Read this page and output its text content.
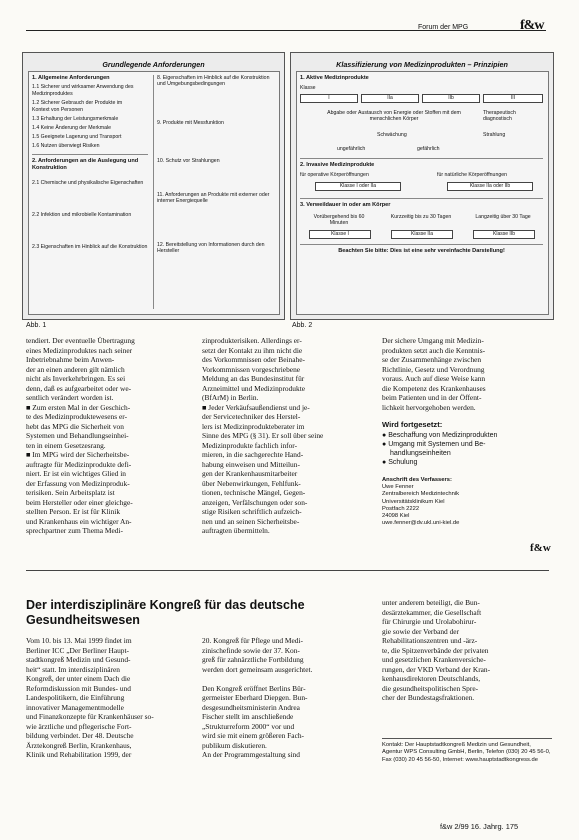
Forum der MPG	f&w
Grundlegende Anforderungen
1. Allgemeine Anforderungen
1.1 Sicherer und wirksamer Anwendung des
Medizinproduktes
1.2 Sicherer Gebrauch der Produkte im
Kontext von Personen
1.3 Erhaltung der Leistungsmerkmale
1.4 Keine Änderung der Merkmale
1.5 Geeignete Lagerung und Transport
1.6 Nutzen überwiegt Risiken
2. Anforderungen an die Auslegung und Konstruktion
2.1 Chemische und physikalische Eigenschaften
2.2 Infektion und mikrobielle Kontamination
2.3 Eigenschaften im Hinblick auf die Konstruktion
8. Eigenschaften im Hinblick auf die Konstruktion und Umgebungsbedingungen
9. Produkte mit Messfunktion
10. Schutz vor Strahlungen
11. Anforderungen an Produkte mit externer oder interner Energiequelle
12. Bereitstellung von Informationen durch den Hersteller
Abb. 1
Klassifizierung von Medizinprodukten – Prinzipien
1. Aktive Medizinprodukte
Klasse
I	IIa	IIb	III
Abgabe oder Austausch von Energie oder Stoffen mit dem menschlichen Körper
Therapeutisch diagnostisch
Schwächung	Strahlung
ungefährlich	gefährlich
2. Invasive Medizinprodukte
für operative Körperöffnungen	für natürliche Körperöffnungen
Klasse I oder IIa	Klasse IIa oder IIb
3. Verweildauer in oder am Körper
Vorübergehend bis 60 Minuten
Kurzzeitig bis zu 30 Tagen	Langzeitig über 30 Tage
Klasse I	Klasse IIa	Klasse IIb
Beachten Sie bitte: Dies ist eine sehr vereinfachte Darstellung!
Abb. 2
tendiert. Der eventuelle Übertragung
eines Medizinproduktes nach seiner
Inbetriebnahme beim Anwen-
der an einen anderen gilt nämlich
nicht als Inverkehrbringen. Es sei
denn, daß es aufgearbeitet oder we-
sentlich verändert worden ist.
■ Zum ersten Mal in der Geschich-
te des Medizinproduktewesens er-
hebt das MPG die Sicherheit von
Systemen und Behandlungseinhei-
ten in einem Gesetzesrang.
■ Im MPG wird der Sicherheitsbe-
auftragte für Medizinprodukte defi-
niert. Er ist ein wichtiges Glied in
der Erfassung von Medizinproduk-
terisiken. Sein Arbeitsplatz ist
beim Hersteller oder einer gleichge-
stellten Person. Er ist für Klinik
und Krankenhaus ein wichtiger An-
sprechpartner zum Thema Medi-
zinprodukterisiken. Allerdings er-
setzt der Kontakt zu ihm nicht die
des Vorkommnissen oder Beinahe-
Vorkommnissen vorgeschriebene
Meldung an das Bundesinstitut für
Arzneimittel und Medizinprodukte
(BfArM) in Berlin.
■ Jeder Verkäufsaußendienst und je-
der Servicetechniker des Herstel-
lers ist Medizinprodukteberater im
Sinne des MPG (§ 31). Er soll über seine
Medizinprodukte fachlich infor-
mieren, in die sachgerechte Hand-
habung einweisen und Mitteilun-
gen der Krankenhausmitarbeiter
über Nebenwirkungen, Fehlfunk-
tionen, technische Mängel, Gegen-
anzeigen, Verfälschungen oder son-
stige Risiken schriftlich aufzeich-
nen und an seinen Sicherheitsbe-
auftragten übermitteln.
Der sichere Umgang mit Medizin-
produkten setzt auch die Kenntnis-
se der Zusammenhänge zwischen
Richtlinie, Gesetz und Verordnung
voraus. Auch auf diese Weise kann
die Kompetenz des Krankenhauses
beim Patienten und in der Öffent-
lichkeit hervorgehoben werden.
Wird fortgesetzt:
● Beschaffung von Medizinprodukten
● Umgang mit Systemen und Be-
handlungseinheiten
● Schulung
Anschrift des Verfassers:
Uwe Fenner
Zentralbereich Medizintechnik
Universitätsklinikum Kiel
Postfach 2222
24098 Kiel
uwe.fenner@dv.ukl.uni-kiel.de
f&w
Der interdisziplinäre Kongreß für das deutsche Gesundheitswesen
Vom 10. bis 13. Mai 1999 findet im
Berliner ICC „Der Berliner Haupt-
stadtkongreß Medizin und Gesund-
heit“ statt. Im interdisziplinären
Kongreß, der unter einem Dach die
Reformdiskussion mit Bundes- und
Landespolitikern, die Einführung
innovativer Managementmodelle
und Finanzkonzepte für Krankenhäuser so-
wie ärztliche und pflegerische Fort-
bildung verbindet. Der 48. Deutsche
Ärztekongreß Berlin, Krankenhaus,
Klinik und Rehabilitation 1999, der
20. Kongreß für Pflege und Medi-
zinischefinde sowie der 37. Kon-
greß für zahnärztliche Fortbildung
werden dort gemeinsam ausgerichtet.

Den Kongreß eröffnet Berlins Bür-
germeister Eberhard Diepgen. Bun-
desgesundheitsministerin Andrea
Fischer stellt im anschließende
„Strukturreform 2000“ vor und
wird sie mit einem größeren Fach-
publikum diskutieren.
An der Programmgestaltung sind
unter anderem beteiligt, die Bun-
desärztekammer, die Gesellschaft
für Chirurgie und Urolabohirur-
gie sowie der Verband der
Rehabilitationszentren und -ärz-
te, die Spitzenverbände der privaten
und gesetzlichen Krankenversiche-
rungen, der VKD Verband der Kran-
kenhausdirektoren Deutschlands,
die gesundheitspolitischen Spre-
cher der Bundestagsfraktionen.
Kontakt: Der Hauptstadtkongreß Medizin und Gesundheit, Agentur WPS Consulting GmbH, Berlin, Telefon (030) 20 45 56-0, Fax (030) 20 45 56-50, Internet: www.hauptstadtkongress.de
f&w 2/99 16. Jahrg. 175
